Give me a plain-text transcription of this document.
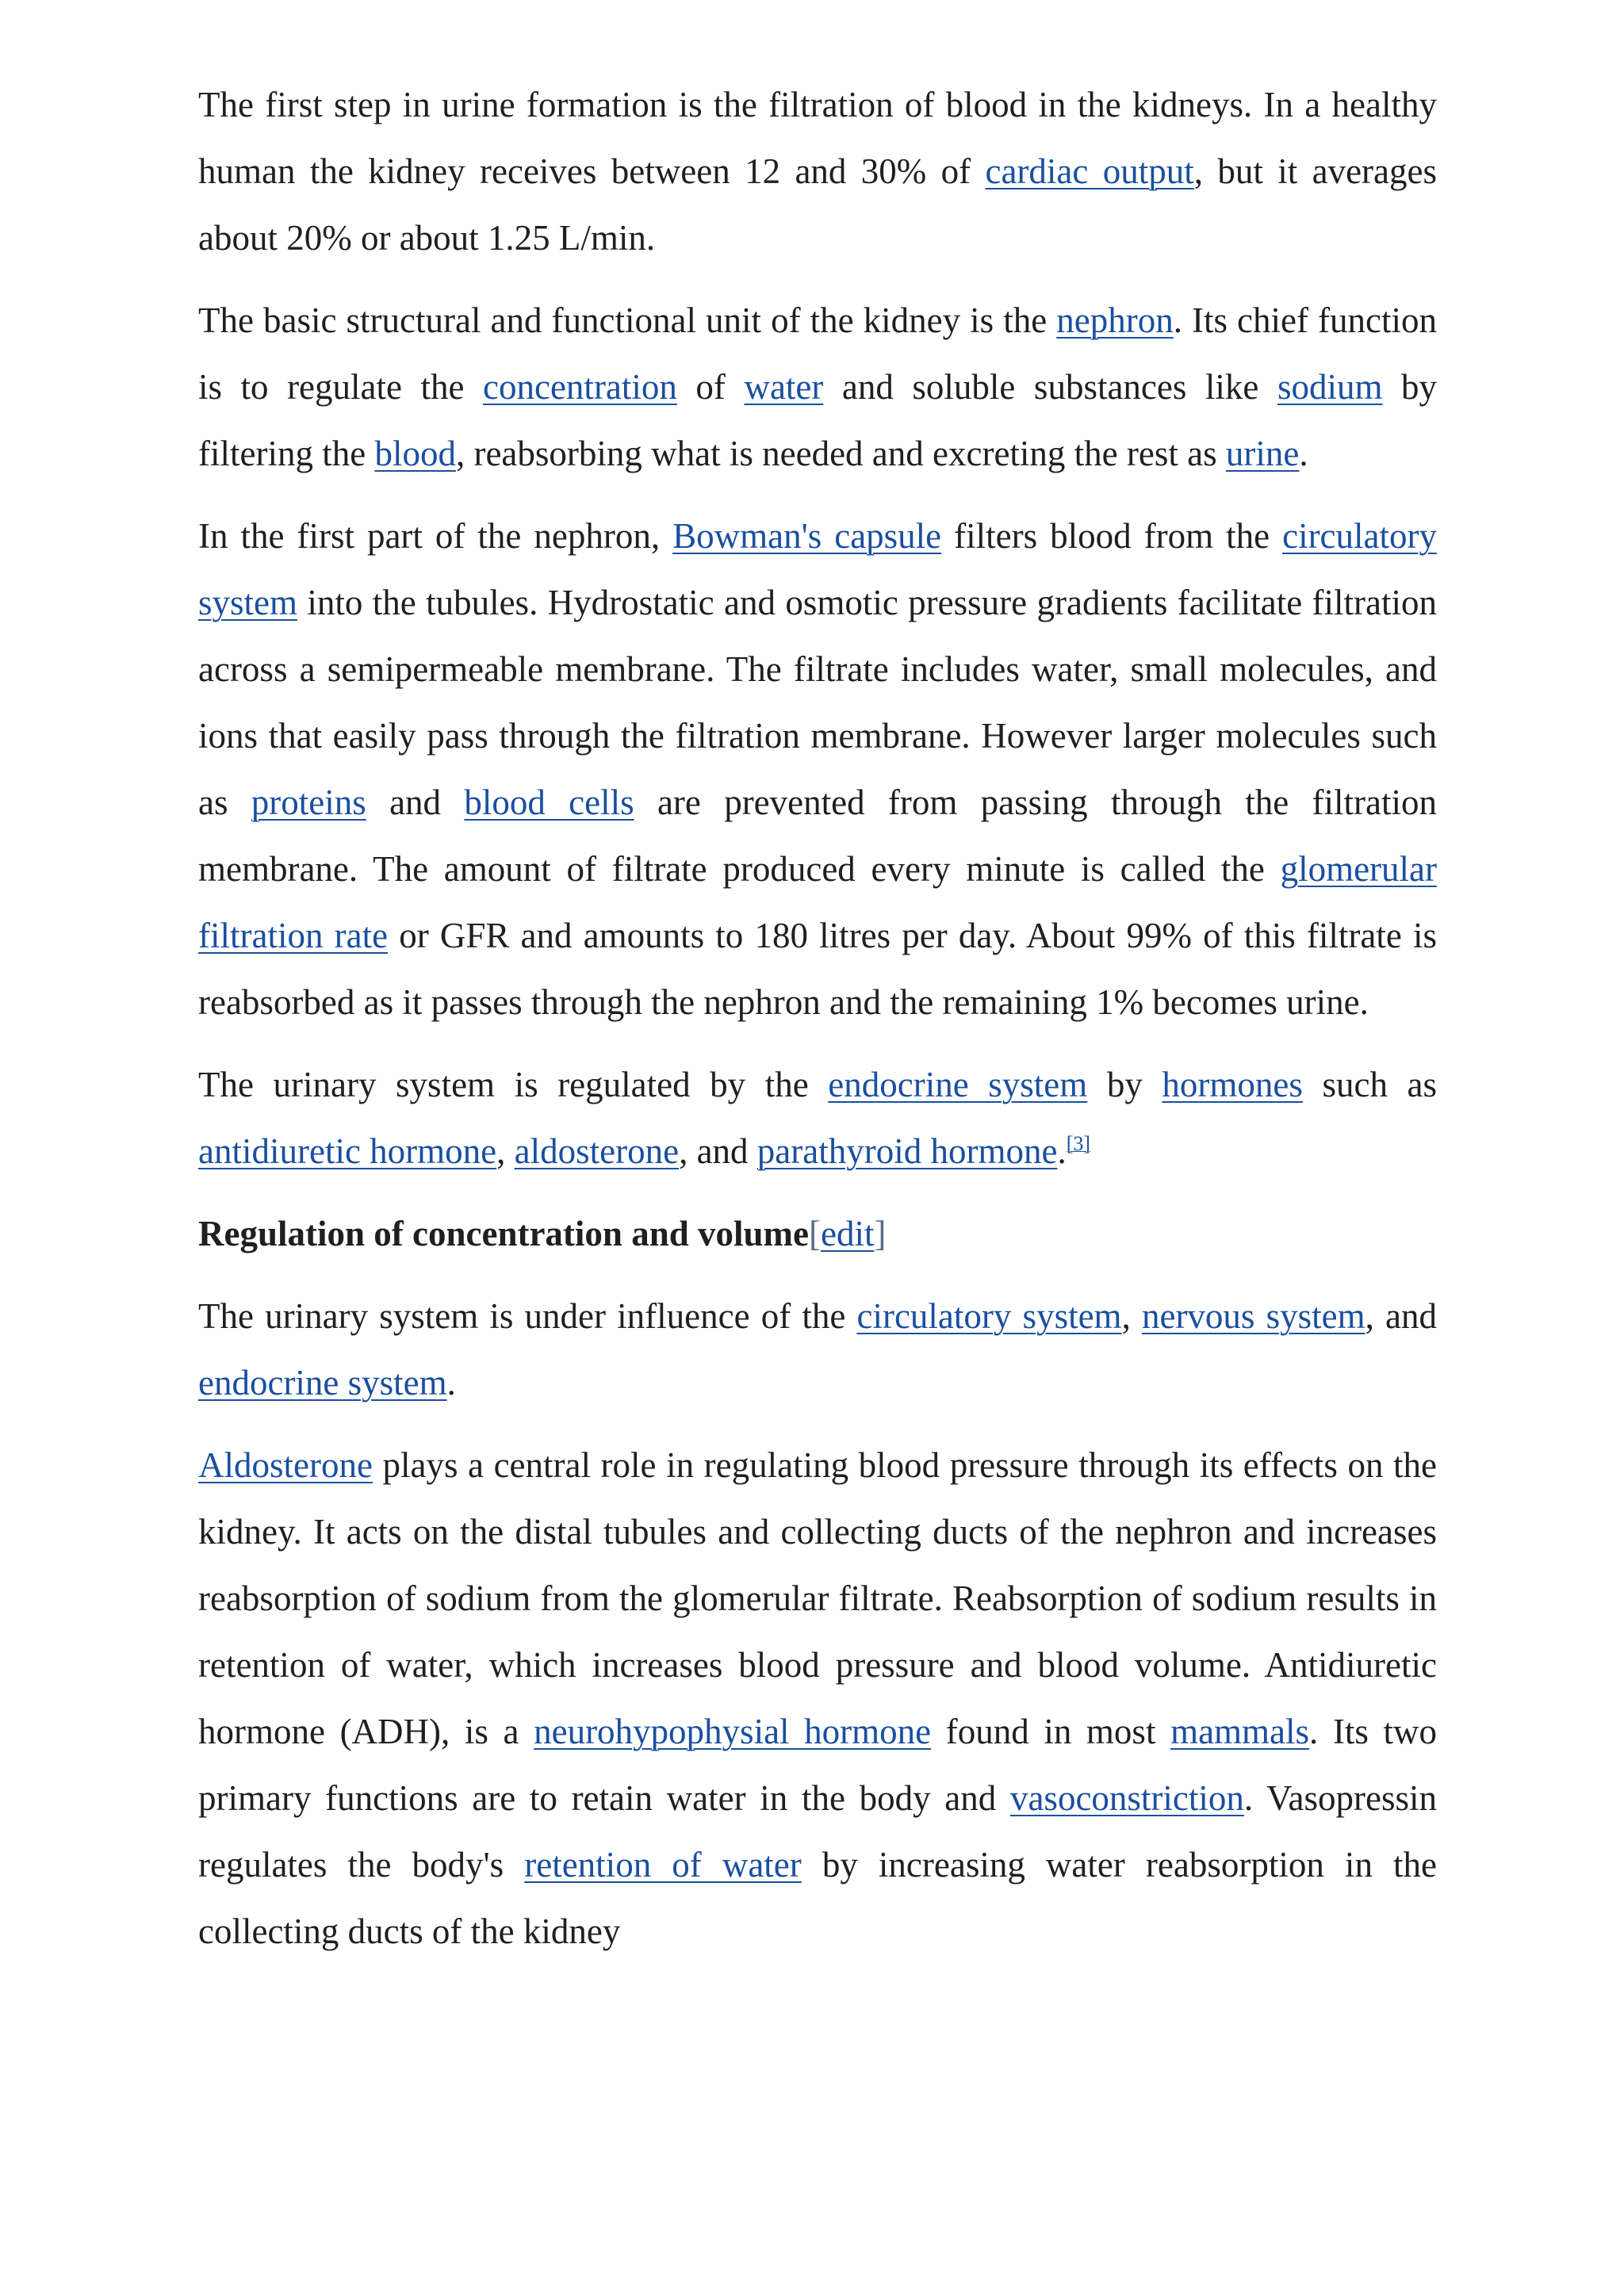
The first step in urine formation is the filtration of blood in the kidneys. In a healthy human the kidney receives between 12 and 30% of cardiac output, but it averages about 20% or about 1.25 L/min.

The basic structural and functional unit of the kidney is the nephron. Its chief function is to regulate the concentration of water and soluble substances like sodium by filtering the blood, reabsorbing what is needed and excreting the rest as urine.

In the first part of the nephron, Bowman's capsule filters blood from the circulatory system into the tubules. Hydrostatic and osmotic pressure gradients facilitate filtration across a semipermeable membrane. The filtrate includes water, small molecules, and ions that easily pass through the filtration membrane. However larger molecules such as proteins and blood cells are prevented from passing through the filtration membrane. The amount of filtrate produced every minute is called the glomerular filtration rate or GFR and amounts to 180 litres per day. About 99% of this filtrate is reabsorbed as it passes through the nephron and the remaining 1% becomes urine.

The urinary system is regulated by the endocrine system by hormones such as antidiuretic hormone, aldosterone, and parathyroid hormone.[3]

Regulation of concentration and volume[edit]

The urinary system is under influence of the circulatory system, nervous system, and endocrine system.

Aldosterone plays a central role in regulating blood pressure through its effects on the kidney. It acts on the distal tubules and collecting ducts of the nephron and increases reabsorption of sodium from the glomerular filtrate. Reabsorption of sodium results in retention of water, which increases blood pressure and blood volume. Antidiuretic hormone (ADH), is a neurohypophysial hormone found in most mammals. Its two primary functions are to retain water in the body and vasoconstriction. Vasopressin regulates the body's retention of water by increasing water reabsorption in the collecting ducts of the kidney
